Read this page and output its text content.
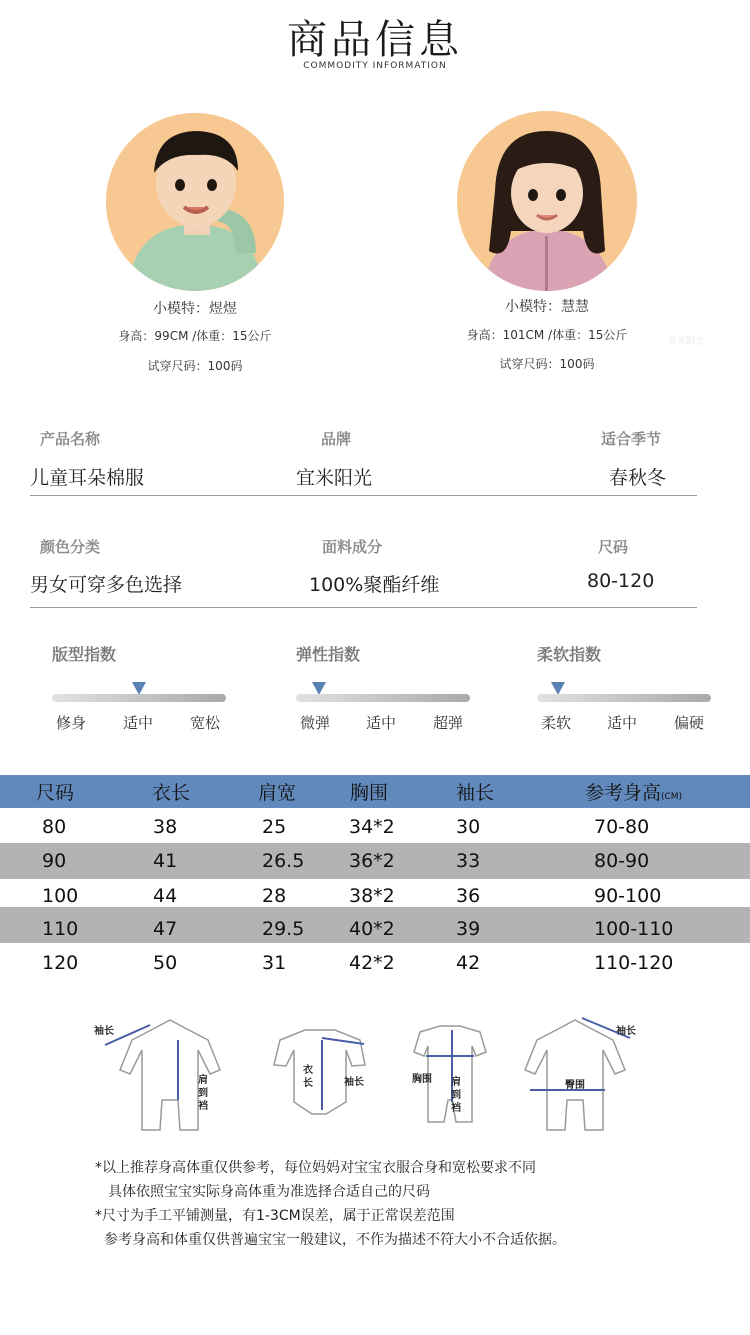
商品信息
COMMODITY INFORMATION
小模特：煜煜
身高：99CM /体重：15公斤
试穿尺码：100码
小模特：慧慧
身高：101CM /体重：15公斤
试穿尺码：100码
宜米阳光
产品名称	品牌	适合季节
儿童耳朵棉服	宜米阳光	春秋冬
颜色分类	面料成分	尺码
男女可穿多色选择	100%聚酯纤维	80-120
版型指数
修身 适中 宽松
弹性指数
微弹 适中 超弹
柔软指数
柔软 适中 偏硬
尺码	衣长	肩宽	胸围	袖长	参考身高(CM)
80	38	25	34*2	30	70-80
90	41	26.5 36*2	33	80-90
100	44	28	38*2	36	90-100
110	47	29.5 40*2	39	100-110
120	50	31	42*2	42	110-120
袖长
肩到裆
衣长	袖长	胸围 肩到裆
袖长
臀围
*以上推荐身高体重仅供参考，每位妈妈对宝宝衣服合身和宽松要求不同
具体依照宝宝实际身高体重为准选择合适自己的尺码
*尺寸为手工平铺测量，有1-3CM误差，属于正常误差范围
参考身高和体重仅供普遍宝宝一般建议，不作为描述不符大小不合适依据。
